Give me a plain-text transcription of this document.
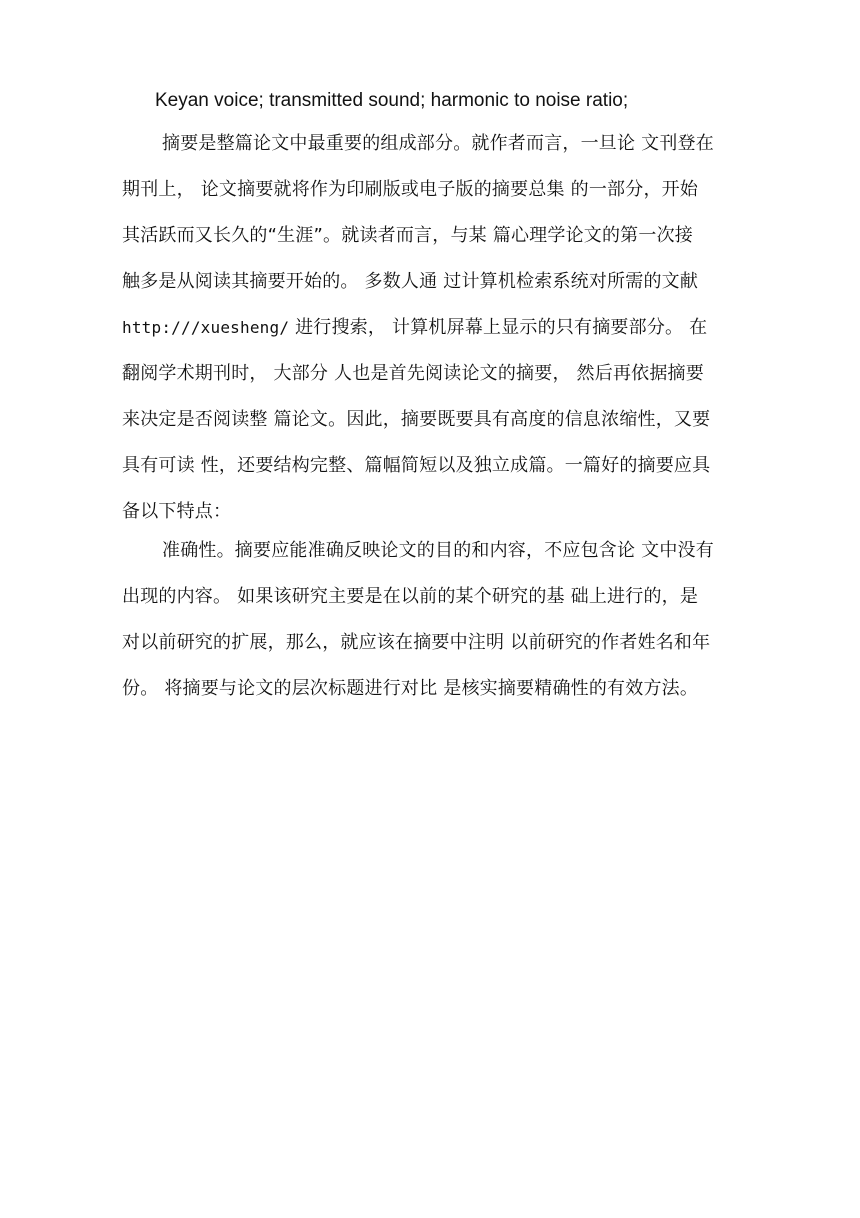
Keyan voice; transmitted sound; harmonic to noise ratio;
摘要是整篇论文中最重要的组成部分。就作者而言，一旦论 文刊登在
期刊上， 论文摘要就将作为印刷版或电子版的摘要总集 的一部分，开始
其活跃而又长久的“生涯”。就读者而言，与某 篇心理学论文的第一次接
触多是从阅读其摘要开始的。 多数人通 过计算机检索系统对所需的文献
http:///xuesheng/ 进行搜索， 计算机屏幕上显示的只有摘要部分。 在
翻阅学术期刊时， 大部分 人也是首先阅读论文的摘要， 然后再依据摘要
来决定是否阅读整 篇论文。因此，摘要既要具有高度的信息浓缩性，又要
具有可读 性，还要结构完整、篇幅简短以及独立成篇。一篇好的摘要应具
备以下特点：
准确性。摘要应能准确反映论文的目的和内容，不应包含论 文中没有
出现的内容。 如果该研究主要是在以前的某个研究的基 础上进行的，是
对以前研究的扩展，那么，就应该在摘要中注明 以前研究的作者姓名和年
份。 将摘要与论文的层次标题进行对比 是核实摘要精确性的有效方法。
